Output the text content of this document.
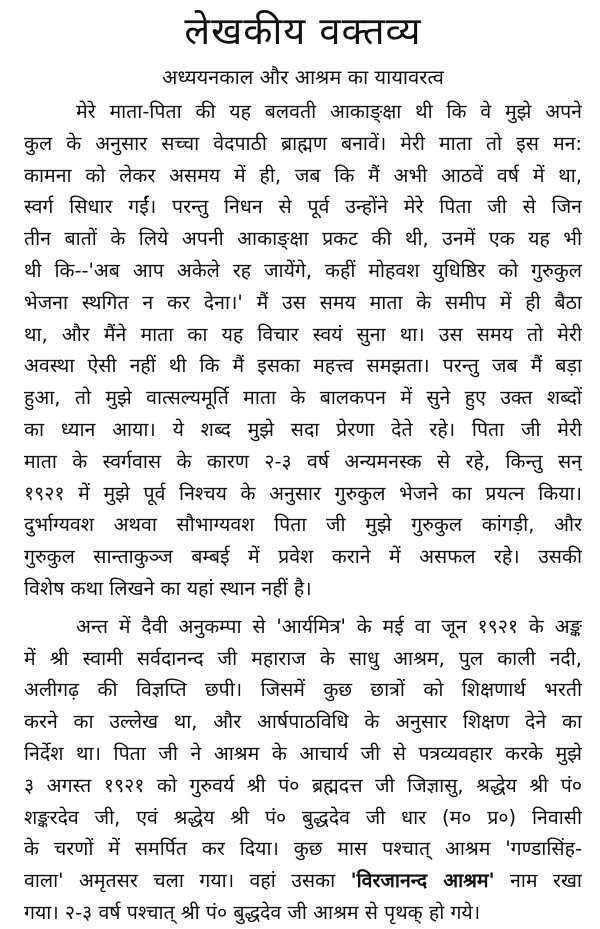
लेखकीय वक्तव्य
अध्ययनकाल और आश्रम का यायावरत्व
मेरे माता-पिता की यह बलवती आकाङ्क्षा थी कि वे मुझे अपने
कुल के अनुसार सच्चा वेदपाठी ब्राह्मण बनावें। मेरी माता तो इस मन:
कामना को लेकर असमय में ही, जब कि मैं अभी आठवें वर्ष में था,
स्वर्ग सिधार गईं। परन्तु निधन से पूर्व उन्होंने मेरे पिता जी से जिन
तीन बातों के लिये अपनी आकाङ्क्षा प्रकट की थी, उनमें एक यह भी
थी कि--'अब आप अकेले रह जायेंगे, कहीं मोहवश युधिष्ठिर को गुरुकुल
भेजना स्थगित न कर देना।' मैं उस समय माता के समीप में ही बैठा
था, और मैंने माता का यह विचार स्वयं सुना था। उस समय तो मेरी
अवस्था ऐसी नहीं थी कि मैं इसका महत्त्व समझता। परन्तु जब मैं बड़ा
हुआ, तो मुझे वात्सल्यमूर्ति माता के बालकपन में सुने हुए उक्त शब्दों
का ध्यान आया। ये शब्द मुझे सदा प्रेरणा देते रहे। पिता जी मेरी
माता के स्वर्गवास के कारण २-३ वर्ष अन्यमनस्क से रहे, किन्तु सन्
१९२१ में मुझे पूर्व निश्चय के अनुसार गुरुकुल भेजने का प्रयत्न किया।
दुर्भाग्यवश अथवा सौभाग्यवश पिता जी मुझे गुरुकुल कांगड़ी, और
गुरुकुल सान्ताकुञ्ज बम्बई में प्रवेश कराने में असफल रहे। उसकी
विशेष कथा लिखने का यहां स्थान नहीं है।
अन्त में दैवी अनुकम्पा से 'आर्यमित्र' के मई वा जून १९२१ के अङ्क
में श्री स्वामी सर्वदानन्द जी महाराज के साधु आश्रम, पुल काली नदी,
अलीगढ़ की विज्ञप्ति छपी। जिसमें कुछ छात्रों को शिक्षणार्थ भरती
करने का उल्लेख था, और आर्षपाठविधि के अनुसार शिक्षण देने का
निर्देश था। पिता जी ने आश्रम के आचार्य जी से पत्रव्यवहार करके मुझे
३ अगस्त १९२१ को गुरुवर्य श्री पं० ब्रह्मदत्त जी जिज्ञासु, श्रद्धेय श्री पं०
शङ्करदेव जी, एवं श्रद्धेय श्री पं० बुद्धदेव जी धार (म० प्र०) निवासी
के चरणों में समर्पित कर दिया। कुछ मास पश्चात् आश्रम 'गण्डासिंह-
वाला' अमृतसर चला गया। वहां उसका 'विरजानन्द आश्रम' नाम रखा
गया। २-३ वर्ष पश्चात् श्री पं० बुद्धदेव जी आश्रम से पृथक् हो गये।
